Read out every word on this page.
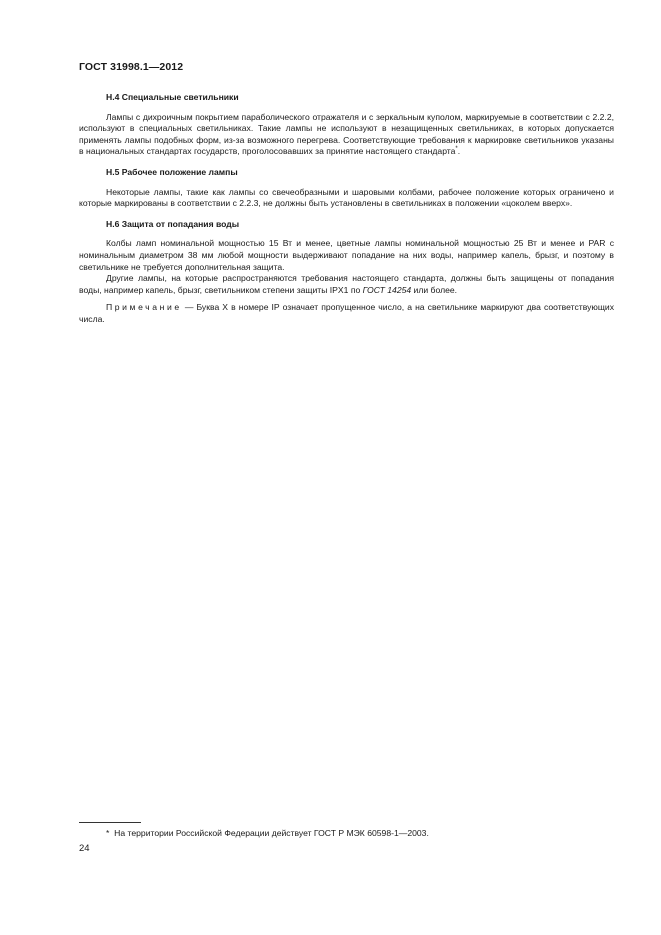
ГОСТ 31998.1—2012

Н.4 Специальные светильники

Лампы с дихроичным покрытием параболического отражателя и с зеркальным куполом, маркируемые в соответствии с 2.2.2, используют в специальных светильниках. Такие лампы не используют в незащищенных светильниках, в которых допускается применять лампы подобных форм, из-за возможного перегрева. Соответствующие требования к маркировке светильников указаны в национальных стандартах государств, проголосовавших за принятие настоящего стандарта*.

Н.5 Рабочее положение лампы

Некоторые лампы, такие как лампы со свечеобразными и шаровыми колбами, рабочее положение которых ограничено и которые маркированы в соответствии с 2.2.3, не должны быть установлены в светильниках в положении «цоколем вверх».

Н.6 Защита от попадания воды

Колбы ламп номинальной мощностью 15 Вт и менее, цветные лампы номинальной мощностью 25 Вт и менее и PAR с номинальным диаметром 38 мм любой мощности выдерживают попадание на них воды, например капель, брызг, и поэтому в светильнике не требуется дополнительная защита.

Другие лампы, на которые распространяются требования настоящего стандарта, должны быть защищены от попадания воды, например капель, брызг, светильником степени защиты IPX1 по ГОСТ 14254 или более.

Примечание — Буква X в номере IP означает пропущенное число, а на светильнике маркируют два соответствующих числа.

* На территории Российской Федерации действует ГОСТ Р МЭК 60598-1—2003.
24
